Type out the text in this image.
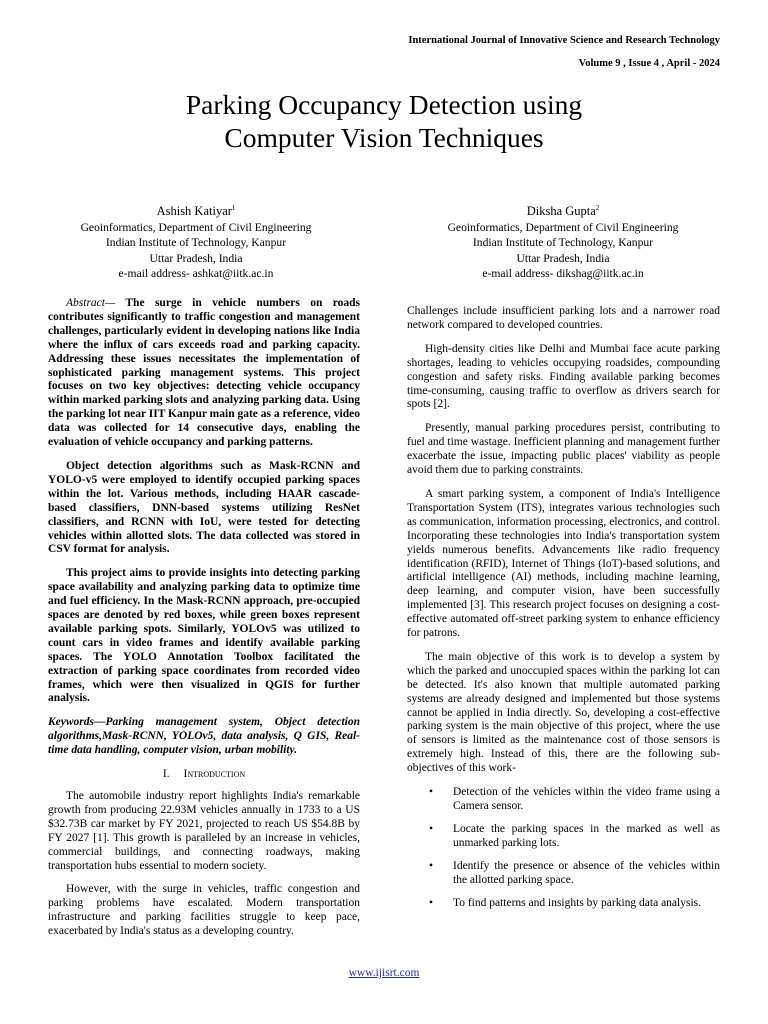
International Journal of Innovative Science and Research Technology
Volume 9 , Issue 4 , April - 2024
Parking Occupancy Detection using
Computer Vision Techniques
Ashish Katiyar$^1$
Geoinformatics, Department of Civil Engineering
Indian Institute of Technology, Kanpur
Uttar Pradesh, India
e-mail address- ashkat@iitk.ac.in
Diksha Gupta$^2$
Geoinformatics, Department of Civil Engineering
Indian Institute of Technology, Kanpur
Uttar Pradesh, India
e-mail address- dikshag@iitk.ac.in

Abstract— The surge in vehicle numbers on roads contributes significantly to traffic congestion and management challenges, particularly evident in developing nations like India where the influx of cars exceeds road and parking capacity. Addressing these issues necessitates the implementation of sophisticated parking management systems. This project focuses on two key objectives: detecting vehicle occupancy within marked parking slots and analyzing parking data. Using the parking lot near IIT Kanpur main gate as a reference, video data was collected for 14 consecutive days, enabling the evaluation of vehicle occupancy and parking patterns.

Object detection algorithms such as Mask-RCNN and YOLO-v5 were employed to identify occupied parking spaces within the lot. Various methods, including HAAR cascade-based classifiers, DNN-based systems utilizing ResNet classifiers, and RCNN with IoU, were tested for detecting vehicles within allotted slots. The data collected was stored in CSV format for analysis.

This project aims to provide insights into detecting parking space availability and analyzing parking data to optimize time and fuel efficiency. In the Mask-RCNN approach, pre-occupied spaces are denoted by red boxes, while green boxes represent available parking spots. Similarly, YOLOv5 was utilized to count cars in video frames and identify available parking spaces. The YOLO Annotation Toolbox facilitated the extraction of parking space coordinates from recorded video frames, which were then visualized in QGIS for further analysis.

Keywords—Parking management system, Object detection algorithms,Mask-RCNN, YOLOv5, data analysis, Q GIS, Real-time data handling, computer vision, urban mobility.

I. Introduction

The automobile industry report highlights India's remarkable growth from producing 22.93M vehicles annually in 1733 to a US $32.73B car market by FY 2021, projected to reach US $54.8B by FY 2027 [1]. This growth is paralleled by an increase in vehicles, commercial buildings, and connecting roadways, making transportation hubs essential to modern society.

However, with the surge in vehicles, traffic congestion and parking problems have escalated. Modern transportation infrastructure and parking facilities struggle to keep pace, exacerbated by India's status as a developing country.

Challenges include insufficient parking lots and a narrower road network compared to developed countries.

High-density cities like Delhi and Mumbai face acute parking shortages, leading to vehicles occupying roadsides, compounding congestion and safety risks. Finding available parking becomes time-consuming, causing traffic to overflow as drivers search for spots [2].

Presently, manual parking procedures persist, contributing to fuel and time wastage. Inefficient planning and management further exacerbate the issue, impacting public places' viability as people avoid them due to parking constraints.

A smart parking system, a component of India's Intelligence Transportation System (ITS), integrates various technologies such as communication, information processing, electronics, and control. Incorporating these technologies into India's transportation system yields numerous benefits. Advancements like radio frequency identification (RFID), Internet of Things (IoT)-based solutions, and artificial intelligence (AI) methods, including machine learning, deep learning, and computer vision, have been successfully implemented [3]. This research project focuses on designing a cost-effective automated off-street parking system to enhance efficiency for patrons.

The main objective of this work is to develop a system by which the parked and unoccupied spaces within the parking lot can be detected. It's also known that multiple automated parking systems are already designed and implemented but those systems cannot be applied in India directly. So, developing a cost-effective parking system is the main objective of this project, where the use of sensors is limited as the maintenance cost of those sensors is extremely high. Instead of this, there are the following sub-objectives of this work-

• Detection of the vehicles within the video frame using a Camera sensor.
• Locate the parking spaces in the marked as well as unmarked parking lots.
• Identify the presence or absence of the vehicles within the allotted parking space.
• To find patterns and insights by parking data analysis.
www.ijisrt.com
